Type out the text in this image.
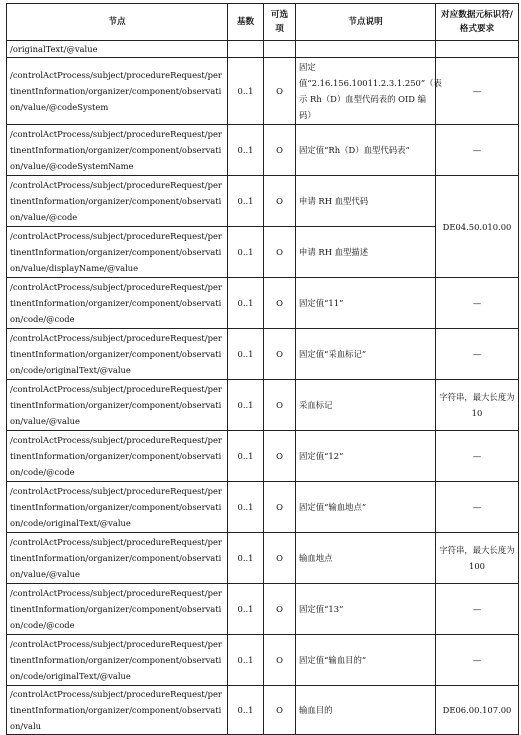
节点	基数	可选项	节点说明	对应数据元标识符/格式要求
/originalText/@value				
/controlActProcess/subject/procedureRequest/pertinentInformation/organizer/component/observation/value/@codeSystem	0..1	O	固定值“2.16.156.10011.2.3.1.250”（表示 Rh（D）血型代码表的 OID 编码）	—
/controlActProcess/subject/procedureRequest/pertinentInformation/organizer/component/observation/value/@codeSystemName	0..1	O	固定值“Rh（D）血型代码表”	—
/controlActProcess/subject/procedureRequest/pertinentInformation/organizer/component/observation/value/@code	0..1	O	申请 RH 血型代码	DE04.50.010.00
/controlActProcess/subject/procedureRequest/pertinentInformation/organizer/component/observation/value/displayName/@value	0..1	O	申请 RH 血型描述	
/controlActProcess/subject/procedureRequest/pertinentInformation/organizer/component/observation/code/@code	0..1	O	固定值“11”	—
/controlActProcess/subject/procedureRequest/pertinentInformation/organizer/component/observation/code/originalText/@value	0..1	O	固定值“采血标记”	—
/controlActProcess/subject/procedureRequest/pertinentInformation/organizer/component/observation/value/@value	0..1	O	采血标记	字符串，最大长度为 10
/controlActProcess/subject/procedureRequest/pertinentInformation/organizer/component/observation/code/@code	0..1	O	固定值“12”	—
/controlActProcess/subject/procedureRequest/pertinentInformation/organizer/component/observation/code/originalText/@value	0..1	O	固定值“输血地点”	—
/controlActProcess/subject/procedureRequest/pertinentInformation/organizer/component/observation/value/@value	0..1	O	输血地点	字符串，最大长度为 100
/controlActProcess/subject/procedureRequest/pertinentInformation/organizer/component/observation/code/@code	0..1	O	固定值“13”	—
/controlActProcess/subject/procedureRequest/pertinentInformation/organizer/component/observation/code/originalText/@value	0..1	O	固定值“输血目的”	—
/controlActProcess/subject/procedureRequest/pertinentInformation/organizer/component/observation/valu	0..1	O	输血目的	DE06.00.107.00
